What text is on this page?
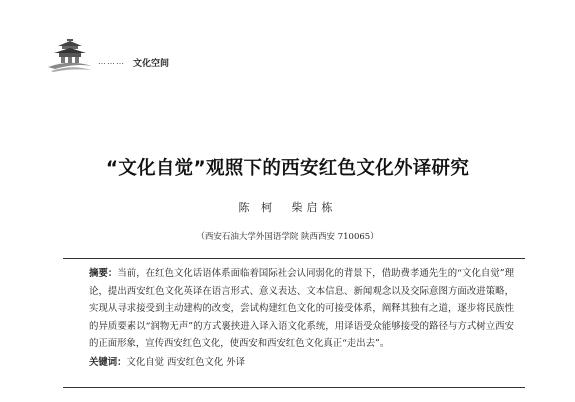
……… 文化空间
“文化自觉”观照下的西安红色文化外译研究
陈 柯 柴启栋
（西安石油大学外国语学院 陕西西安 710065）
摘要：当前，在红色文化话语体系面临着国际社会认同弱化的背景下，借助费孝通先生的“文化自觉”理论，提出西安红色文化英译在语言形式、意义表达、文本信息、新闻观念以及交际意图方面改进策略，实现从寻求接受到主动建构的改变，尝试构建红色文化的可接受体系，阐释其独有之道，逐步将民族性的异质要素以“润物无声”的方式裹挟进入译入语文化系统，用译语受众能够接受的路径与方式树立西安的正面形象，宣传西安红色文化，使西安和西安红色文化真正“走出去”。
关键词：文化自觉 西安红色文化 外译
